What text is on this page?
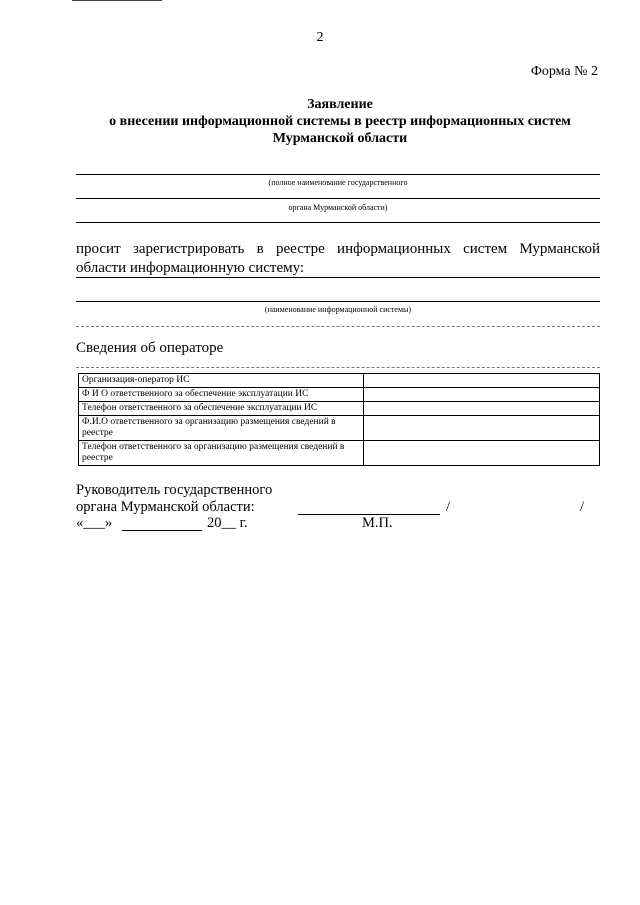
2
Форма № 2
Заявление
о внесении информационной системы в реестр информационных систем
Мурманской области
(полное наименование государственного
органа Мурманской области)
просит зарегистрировать в реестре информационных систем Мурманской области информационную систему:
(наименование информационной системы)
Сведения об операторе
Организация-оператор ИС	
Ф И О ответственного за обеспечение эксплуатации ИС	
Телефон ответственного за обеспечение эксплуатации ИС	
Ф.И.О ответственного за организацию размещения сведений в реестре	
Телефон ответственного за организацию размещения сведений в реестре	
Руководитель государственного
органа Мурманской области:	/	/
«___»	20__ г.	М.П.
